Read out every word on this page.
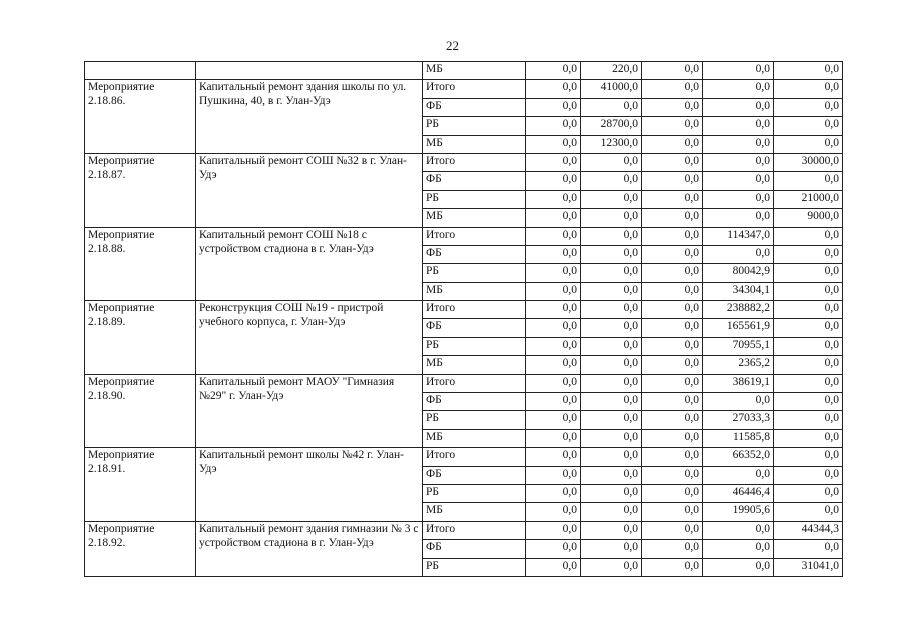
22
		МБ	0,0	220,0	0,0	0,0	0,0
Мероприятие 2.18.86.	Капитальный ремонт здания школы по ул. Пушкина, 40, в г. Улан-Удэ	Итого	0,0	41000,0	0,0	0,0	0,0
		ФБ	0,0	0,0	0,0	0,0	0,0
		РБ	0,0	28700,0	0,0	0,0	0,0
		МБ	0,0	12300,0	0,0	0,0	0,0
Мероприятие 2.18.87.	Капитальный ремонт СОШ №32 в г. Улан-Удэ	Итого	0,0	0,0	0,0	0,0	30000,0
		ФБ	0,0	0,0	0,0	0,0	0,0
		РБ	0,0	0,0	0,0	0,0	21000,0
		МБ	0,0	0,0	0,0	0,0	9000,0
Мероприятие 2.18.88.	Капитальный ремонт СОШ №18 с устройством стадиона в г. Улан-Удэ	Итого	0,0	0,0	0,0	114347,0	0,0
		ФБ	0,0	0,0	0,0	0,0	0,0
		РБ	0,0	0,0	0,0	80042,9	0,0
		МБ	0,0	0,0	0,0	34304,1	0,0
Мероприятие 2.18.89.	Реконструкция СОШ №19 - пристрой учебного корпуса, г. Улан-Удэ	Итого	0,0	0,0	0,0	238882,2	0,0
		ФБ	0,0	0,0	0,0	165561,9	0,0
		РБ	0,0	0,0	0,0	70955,1	0,0
		МБ	0,0	0,0	0,0	2365,2	0,0
Мероприятие 2.18.90.	Капитальный ремонт МАОУ "Гимназия №29" г. Улан-Удэ	Итого	0,0	0,0	0,0	38619,1	0,0
		ФБ	0,0	0,0	0,0	0,0	0,0
		РБ	0,0	0,0	0,0	27033,3	0,0
		МБ	0,0	0,0	0,0	11585,8	0,0
Мероприятие 2.18.91.	Капитальный ремонт школы №42 г. Улан-Удэ	Итого	0,0	0,0	0,0	66352,0	0,0
		ФБ	0,0	0,0	0,0	0,0	0,0
		РБ	0,0	0,0	0,0	46446,4	0,0
		МБ	0,0	0,0	0,0	19905,6	0,0
Мероприятие 2.18.92.	Капитальный ремонт здания гимназии № 3 с устройством стадиона в г. Улан-Удэ	Итого	0,0	0,0	0,0	0,0	44344,3
		ФБ	0,0	0,0	0,0	0,0	0,0
		РБ	0,0	0,0	0,0	0,0	31041,0
